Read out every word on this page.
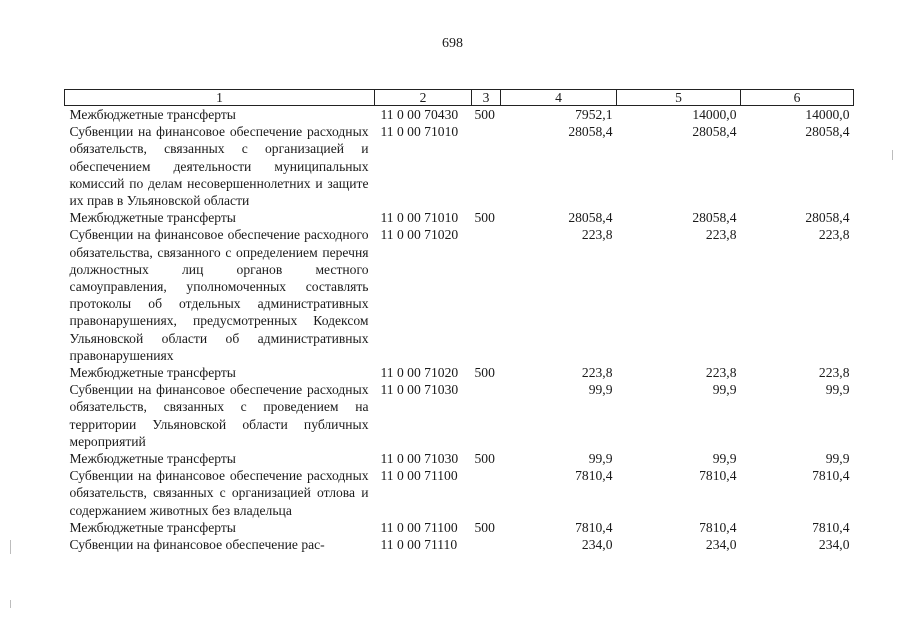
698
1	2	3	4	5	6
Межбюджетные трансферты	11 0 00 70430	500	7952,1	14000,0	14000,0
Субвенции на финансовое обеспечение расходных обязательств, связанных с организацией и обеспечением деятельности муниципальных комиссий по делам несовершеннолетних и защите их прав в Ульяновской области	11 0 00 71010		28058,4	28058,4	28058,4
Межбюджетные трансферты	11 0 00 71010	500	28058,4	28058,4	28058,4
Субвенции на финансовое обеспечение расходного обязательства, связанного с определением перечня должностных лиц органов местного самоуправления, уполномоченных составлять протоколы об отдельных административных правонарушениях, предусмотренных Кодексом Ульяновской области об административных правонарушениях	11 0 00 71020		223,8	223,8	223,8
Межбюджетные трансферты	11 0 00 71020	500	223,8	223,8	223,8
Субвенции на финансовое обеспечение расходных обязательств, связанных с проведением на территории Ульяновской области публичных мероприятий	11 0 00 71030		99,9	99,9	99,9
Межбюджетные трансферты	11 0 00 71030	500	99,9	99,9	99,9
Субвенции на финансовое обеспечение расходных обязательств, связанных с организацией отлова и содержанием животных без владельца	11 0 00 71100		7810,4	7810,4	7810,4
Межбюджетные трансферты	11 0 00 71100	500	7810,4	7810,4	7810,4
Субвенции на финансовое обеспечение рас-	11 0 00 71110		234,0	234,0	234,0
